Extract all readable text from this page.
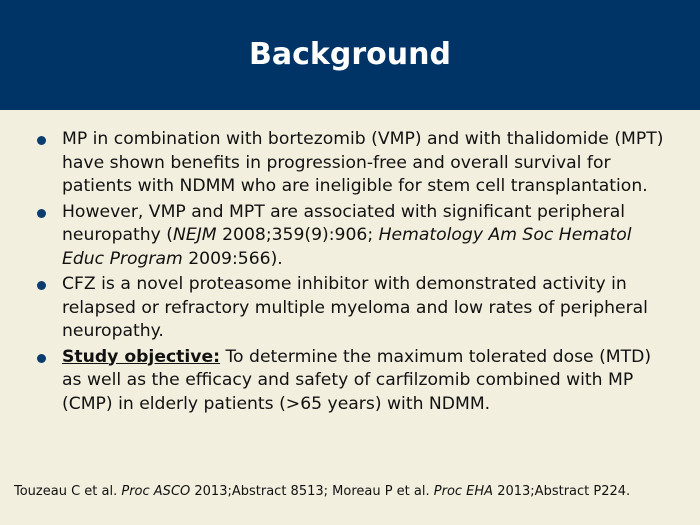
Background
MP in combination with bortezomib (VMP) and with thalidomide (MPT) have shown benefits in progression-free and overall survival for patients with NDMM who are ineligible for stem cell transplantation.
However, VMP and MPT are associated with significant peripheral neuropathy (NEJM 2008;359(9):906; Hematology Am Soc Hematol Educ Program 2009:566).
CFZ is a novel proteasome inhibitor with demonstrated activity in relapsed or refractory multiple myeloma and low rates of peripheral neuropathy.
Study objective: To determine the maximum tolerated dose (MTD) as well as the efficacy and safety of carfilzomib combined with MP (CMP) in elderly patients (>65 years) with NDMM.
Touzeau C et al. Proc ASCO 2013;Abstract 8513; Moreau P et al. Proc EHA 2013;Abstract P224.
